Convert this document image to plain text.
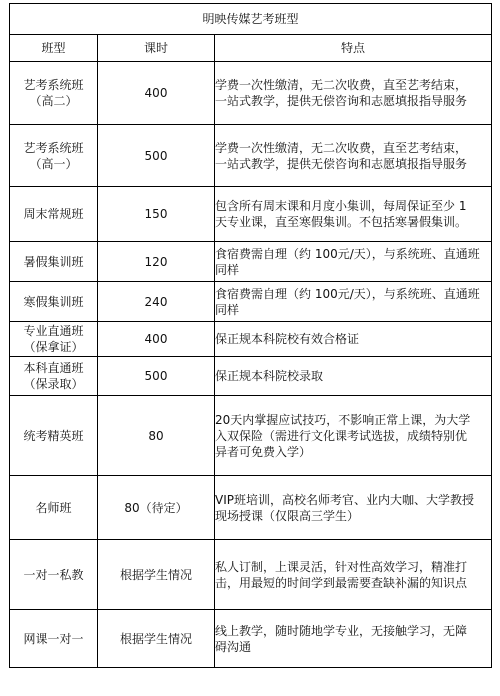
明映传媒艺考班型		
班型	课时	特点

艺考系统班
（高二）	400	学费一次性缴清，无二次收费，直至艺考结束，
一站式教学，提供无偿咨询和志愿填报指导服务

艺考系统班
（高一）	500	学费一次性缴清，无二次收费，直至艺考结束，
一站式教学，提供无偿咨询和志愿填报指导服务

周末常规班	150	包含所有周末课和月度小集训，每周保证至少 1
天专业课，直至寒假集训。不包括寒暑假集训。

暑假集训班	120	食宿费需自理（约 100元/天），与系统班、直通班
同样

寒假集训班	240	食宿费需自理（约 100元/天），与系统班、直通班
同样

专业直通班
（保拿证）	400	保正规本科院校有效合格证

本科直通班
（保录取）	500	保正规本科院校录取

统考精英班	80	20天内掌握应试技巧，不影响正常上课，为大学
入双保险（需进行文化课考试选拔，成绩特别优
异者可免费入学）

名师班	80（待定）	VIP班培训，高校名师考官、业内大咖、大学教授
现场授课（仅限高三学生）

一对一私教	根据学生情况	私人订制，上课灵活，针对性高效学习，精准打
击，用最短的时间学到最需要查缺补漏的知识点

网课一对一	根据学生情况	线上教学，随时随地学专业，无接触学习，无障
碍沟通
